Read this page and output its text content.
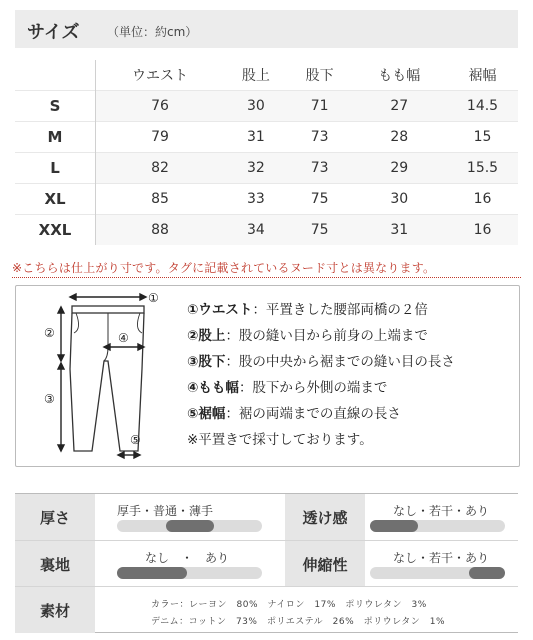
サイズ （単位：約cm）
	ウエスト	股上	股下	もも幅	裾幅
S	76	30	71	27	14.5
M	79	31	73	28	15
L	82	32	73	29	15.5
XL	85	33	75	30	16
XXL	88	34	75	31	16
※こちらは仕上がり寸です。タグに記載されているヌード寸とは異なります。
①
②
③
④
⑤
①ウエスト：平置きした腰部両橋の２倍
②股上：股の縫い目から前身の上端まで
③股下：股の中央から裾までの縫い目の長さ
④もも幅：股下から外側の端まで
⑤裾幅：裾の両端までの直線の長さ
※平置きで採寸しております。
厚さ	厚手・普通・薄手	透け感	なし・若干・あり
裏地	なし　・　あり	伸縮性	なし・若干・あり
素材	カラー：レーヨン　80%　ナイロン　17%　ポリウレタン　3%
デニム：コットン　73%　ポリエステル　26%　ポリウレタン　1%
